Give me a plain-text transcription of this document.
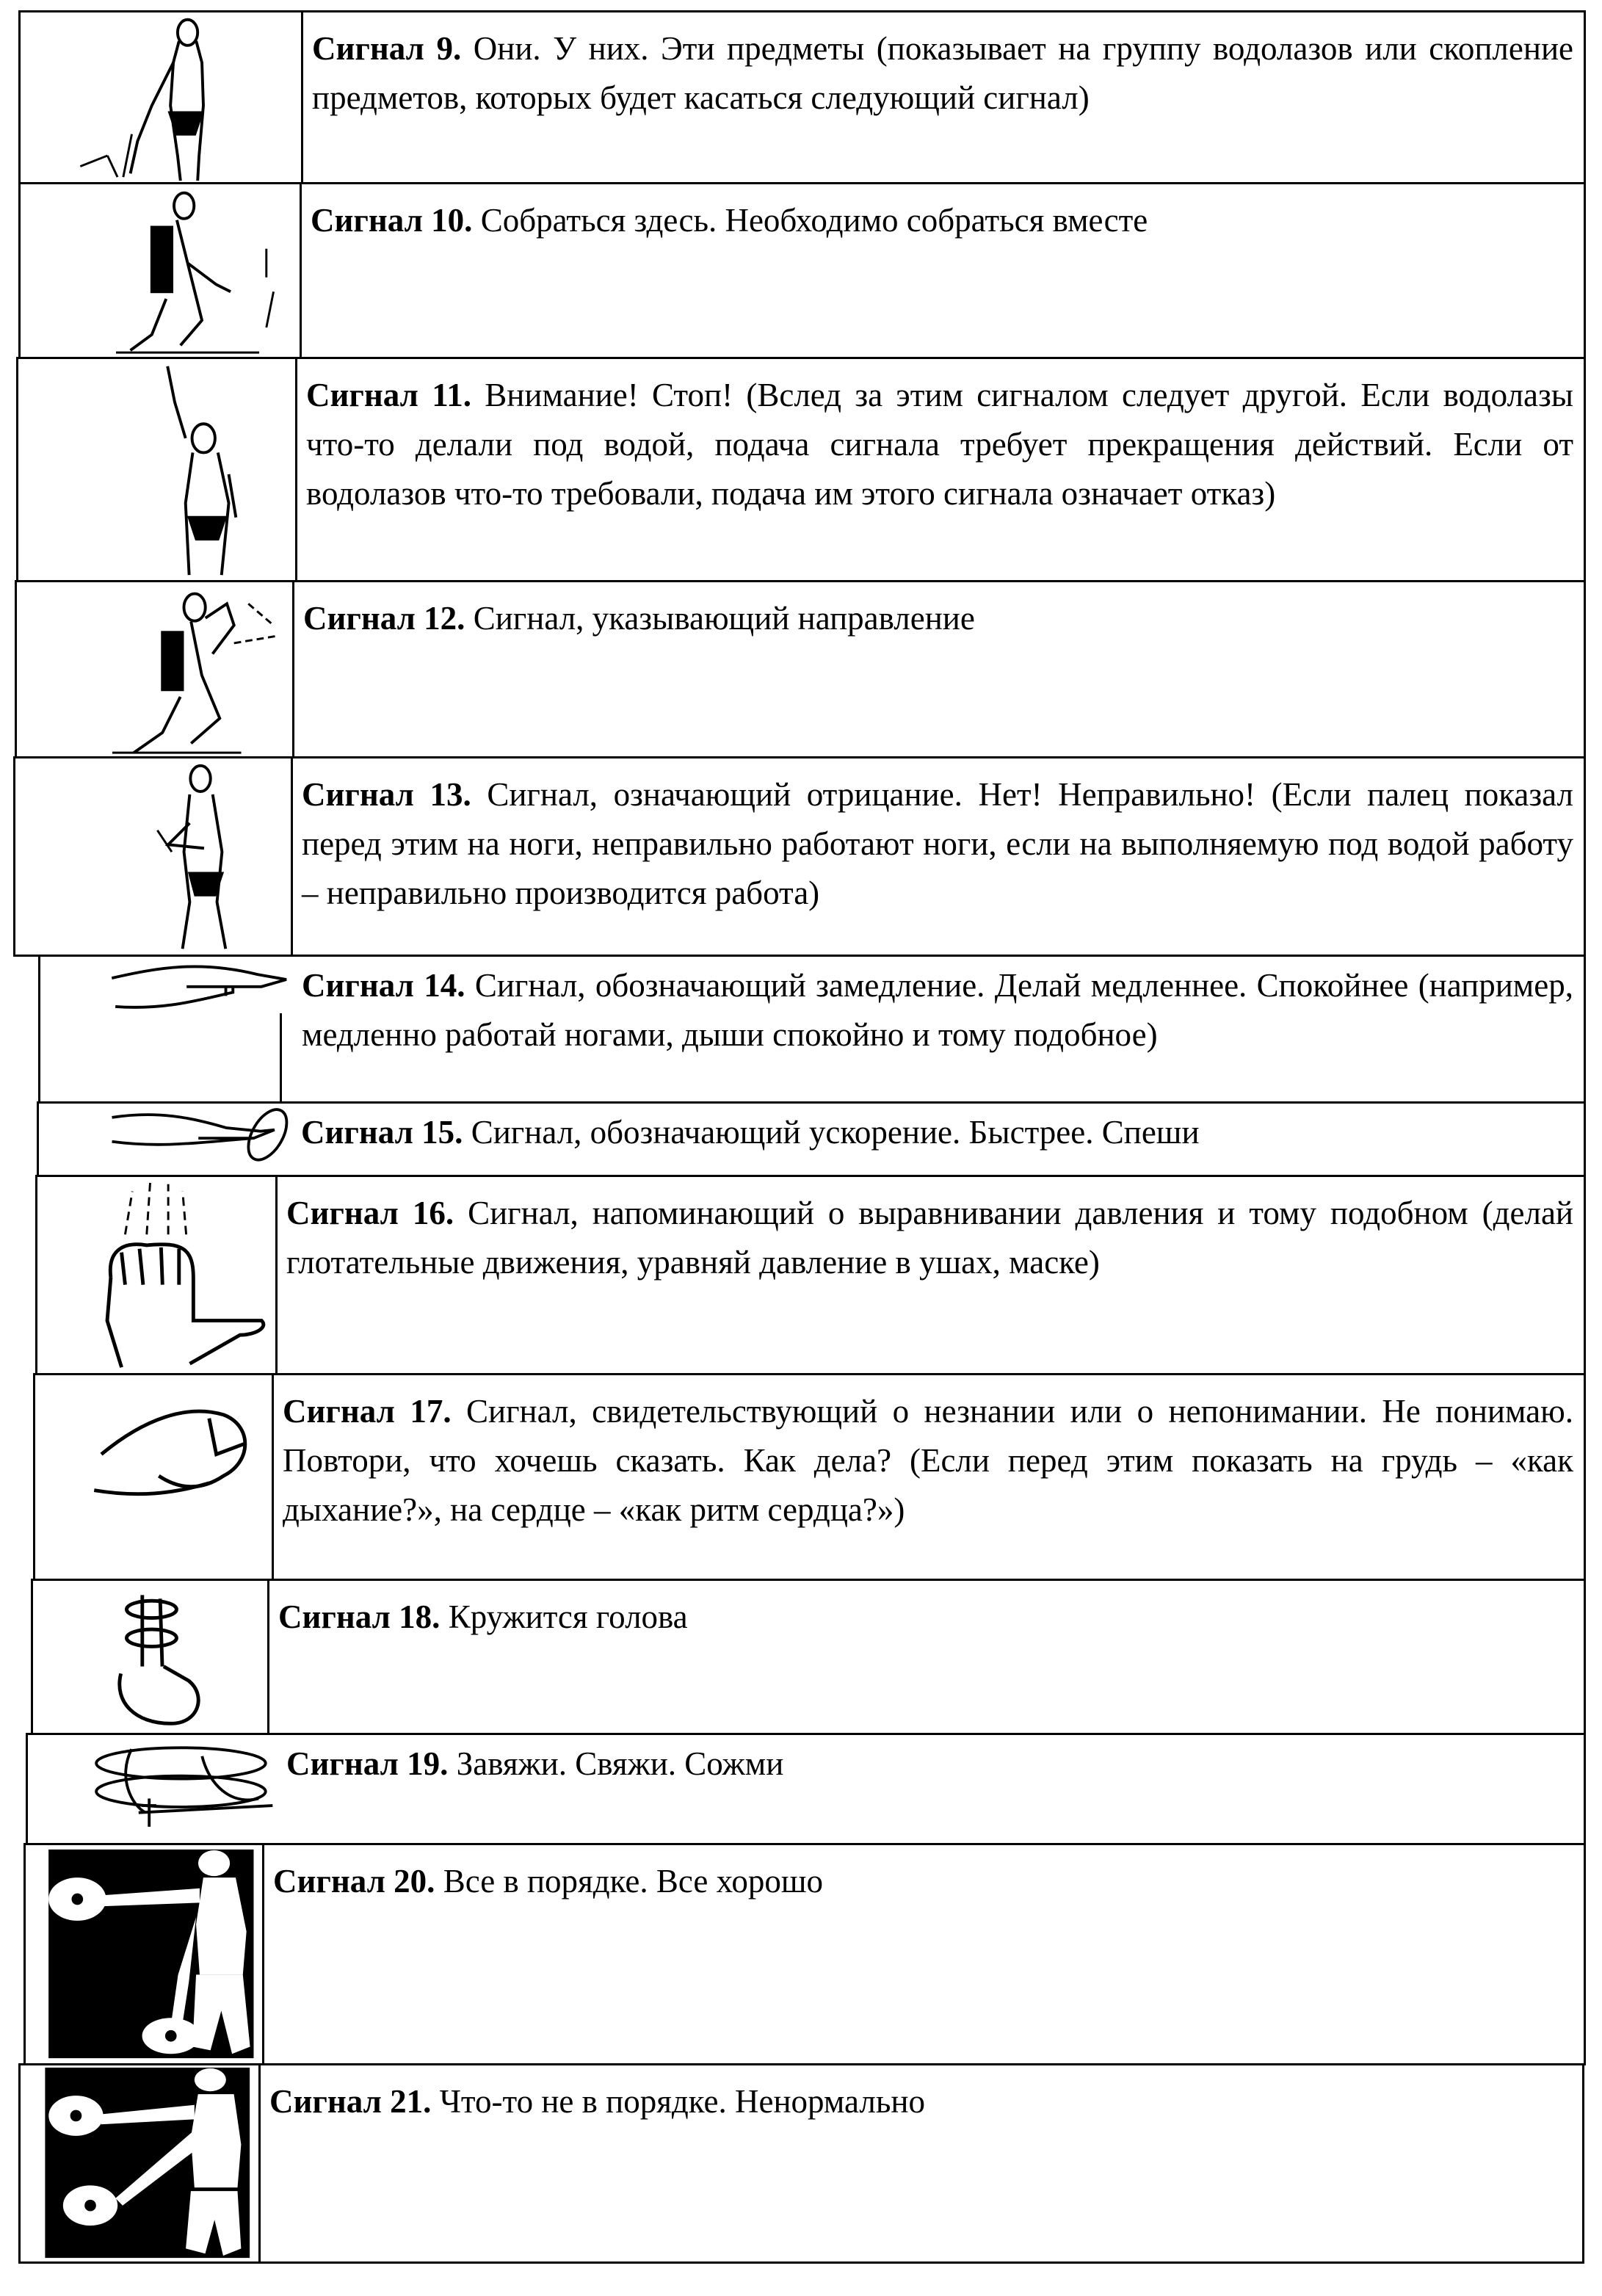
Сигнал 9. Они. У них. Эти предметы (показывает на группу водолазов или скопление предметов, которых будет касаться следующий сигнал)
Сигнал 10. Собраться здесь. Необходимо собраться вместе
Сигнал 11. Внимание! Стоп! (Вслед за этим сигналом следует другой. Если водолазы что-то делали под водой, подача сигнала требует прекращения действий. Если от водолазов что-то требовали, подача им этого сигнала означает отказ)
Сигнал 12. Сигнал, указывающий направление
Сигнал 13. Сигнал, означающий отрицание. Нет! Неправильно! (Если палец показал перед этим на ноги, неправильно работают ноги, если на выполняемую под водой работу – неправильно производится работа)
Сигнал 14. Сигнал, обозначающий замедление. Делай медленнее. Спокойнее (например, медленно работай ногами, дыши спокойно и тому подобное)
Сигнал 15. Сигнал, обозначающий ускорение. Быстрее. Спеши
Сигнал 16. Сигнал, напоминающий о выравнивании давления и тому подобном (делай глотательные движения, уравняй давление в ушах, маске)
Сигнал 17. Сигнал, свидетельствующий о незнании или о непонимании. Не понимаю. Повтори, что хочешь сказать. Как дела? (Если перед этим показать на грудь – «как дыхание?», на сердце – «как ритм сердца?»)
Сигнал 18. Кружится голова
Сигнал 19. Завяжи. Свяжи. Сожми
Сигнал 20. Все в порядке. Все хорошо
Сигнал 21. Что-то не в порядке. Ненормально
